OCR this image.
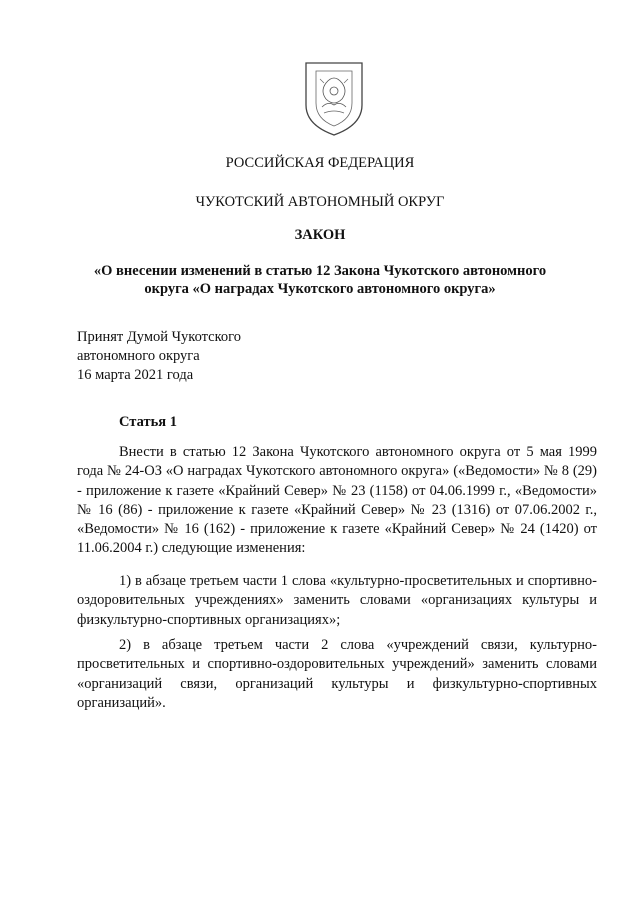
РОССИЙСКАЯ ФЕДЕРАЦИЯ
ЧУКОТСКИЙ АВТОНОМНЫЙ ОКРУГ
ЗАКОН
«О внесении изменений в статью 12 Закона Чукотского автономного округа «О наградах Чукотского автономного округа»
Принят Думой Чукотского
автономного округа
16 марта 2021 года
Статья 1

Внести в статью 12 Закона Чукотского автономного округа от 5 мая 1999 года № 24-ОЗ «О наградах Чукотского автономного округа» («Ведомости» № 8 (29) - приложение к газете «Крайний Север» № 23 (1158) от 04.06.1999 г., «Ведомости» № 16 (86) - приложение к газете «Крайний Север» № 23 (1316) от 07.06.2002 г., «Ведомости» № 16 (162) - приложение к газете «Крайний Север» № 24 (1420) от 11.06.2004 г.) следующие изменения:

1) в абзаце третьем части 1 слова «культурно-просветительных и спортивно-оздоровительных учреждениях» заменить словами «организациях культуры и физкультурно-спортивных организациях»;

2) в абзаце третьем части 2 слова «учреждений связи, культурно-просветительных и спортивно-оздоровительных учреждений» заменить словами «организаций связи, организаций культуры и физкультурно-спортивных организаций».
